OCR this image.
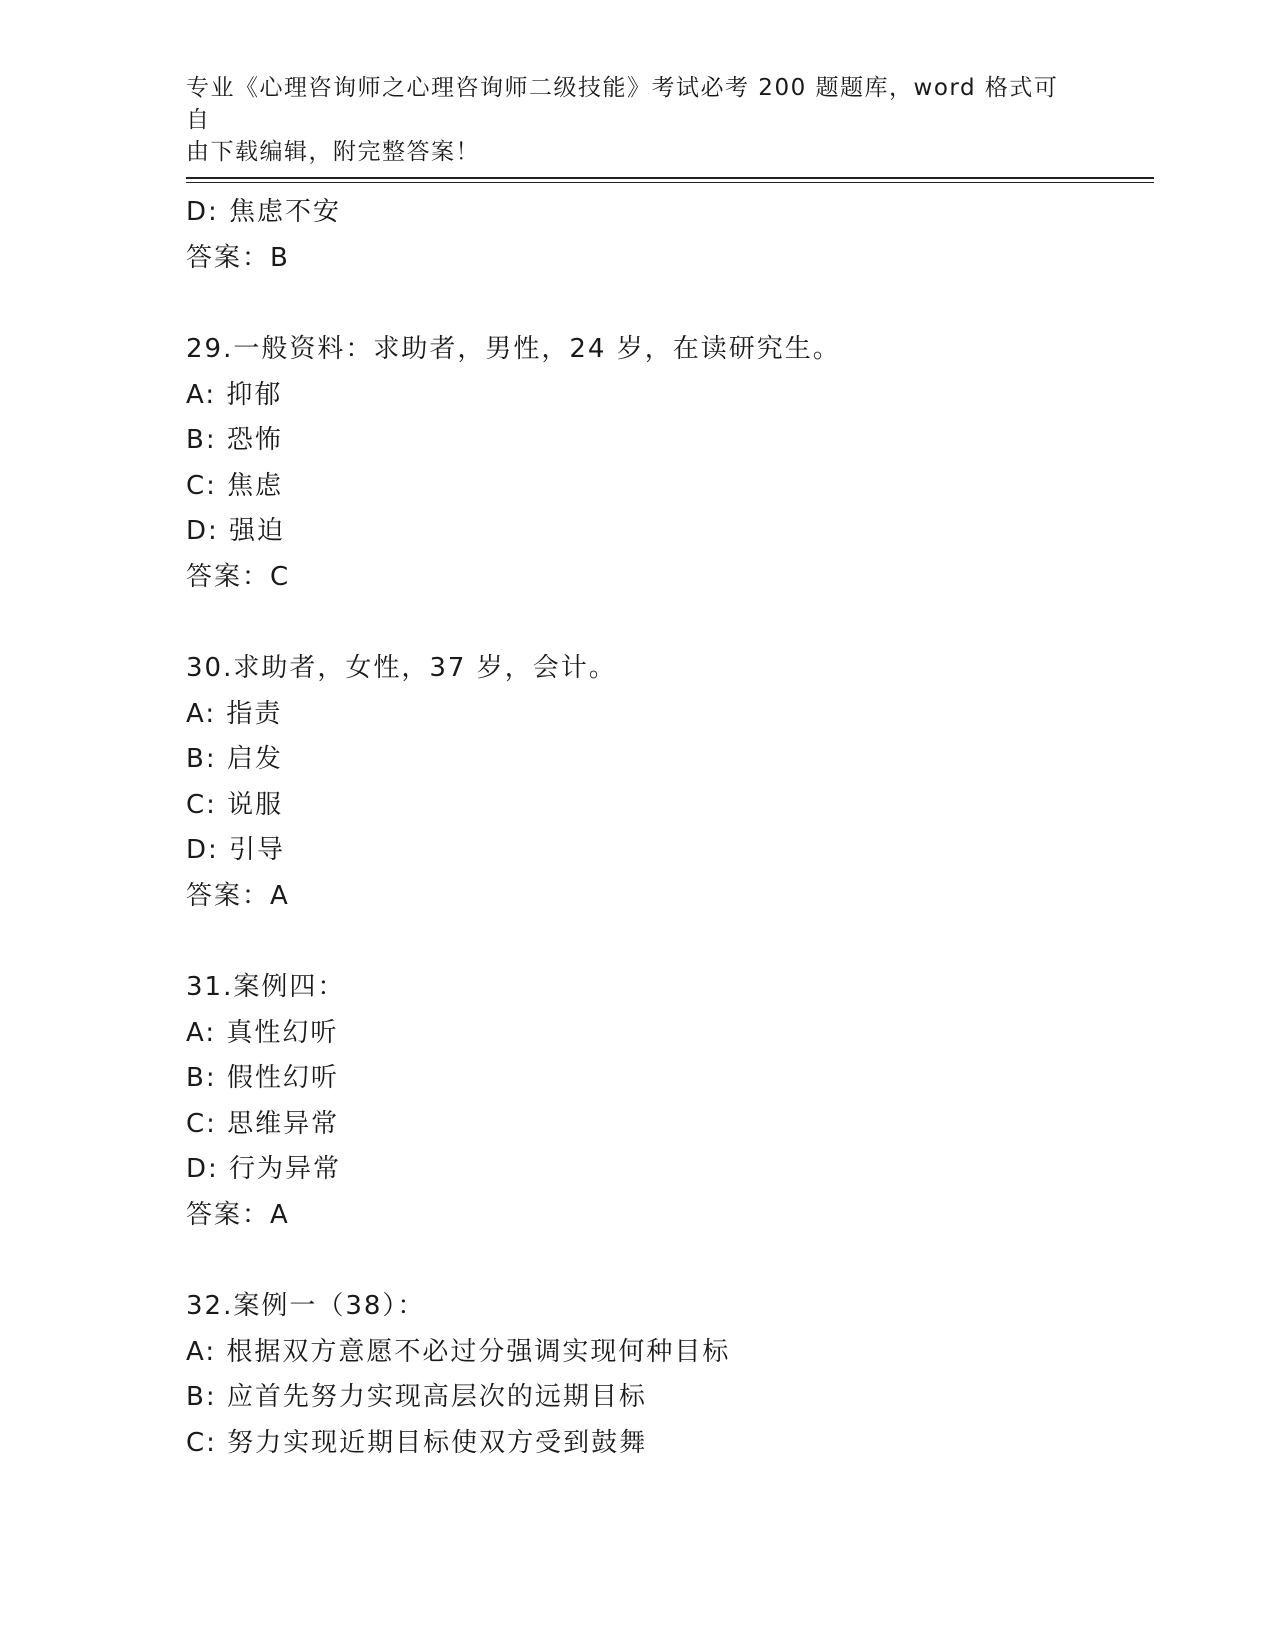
专业《心理咨询师之心理咨询师二级技能》考试必考 200 题题库，word 格式可自
由下载编辑，附完整答案！
D: 焦虑不安
答案：B
29.一般资料：求助者，男性，24 岁，在读研究生。
A: 抑郁
B: 恐怖
C: 焦虑
D: 强迫
答案：C
30.求助者，女性，37 岁，会计。
A: 指责
B: 启发
C: 说服
D: 引导
答案：A
31.案例四：
A: 真性幻听
B: 假性幻听
C: 思维异常
D: 行为异常
答案：A
32.案例一（38）：
A: 根据双方意愿不必过分强调实现何种目标
B: 应首先努力实现高层次的远期目标
C: 努力实现近期目标使双方受到鼓舞
